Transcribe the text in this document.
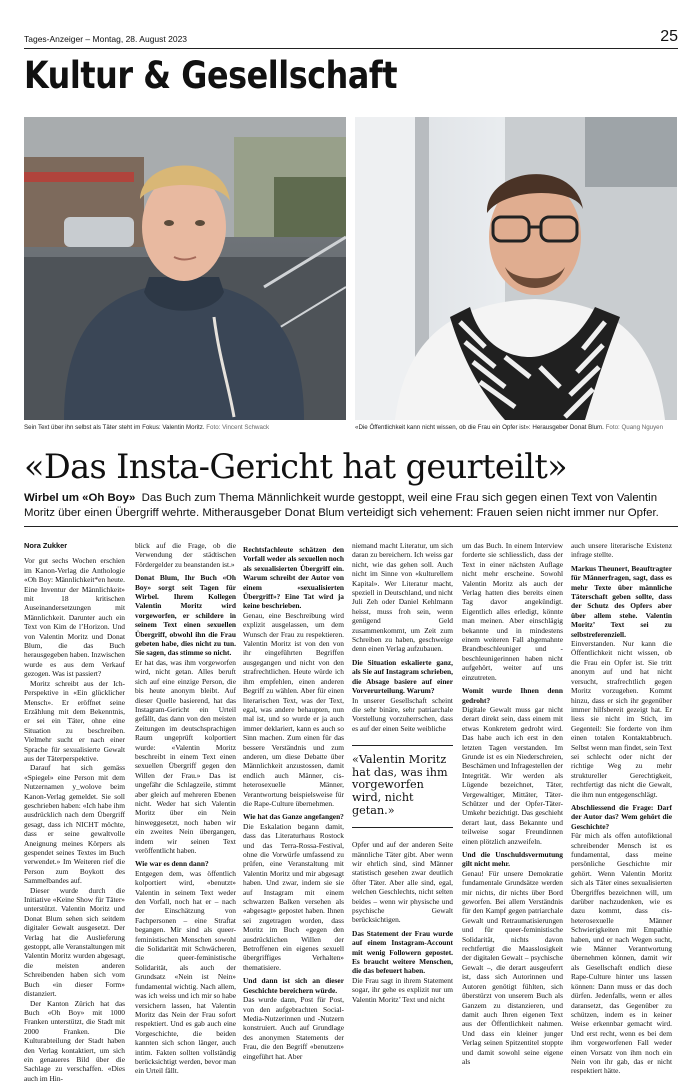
Tages-Anzeiger – Montag, 28. August 2023	25
Kultur & Gesellschaft
Sein Text über ihn selbst als Täter steht im Fokus: Valentin Moritz. Foto: Vincent Schwack	«Die Öffentlichkeit kann nicht wissen, ob die Frau ein Opfer ist»: Herausgeber Donat Blum. Foto: Quang Nguyen
«Das Insta-Gericht hat geurteilt»
Wirbel um «Oh Boy» Das Buch zum Thema Männlichkeit wurde gestoppt, weil eine Frau sich gegen einen Text von Valentin Moritz über einen Übergriff wehrte. Mitherausgeber Donat Blum verteidigt sich vehement: Frauen seien nicht immer nur Opfer.
Nora Zukker

Vor gut sechs Wochen erschien im Kanon-Verlag die Anthologie «Oh Boy: Männlichkeit*en heute. Eine Inventur der Männlichkeit» mit 18 kritischen Auseinandersetzungen mit Männlichkeit. Darunter auch ein Text von Kim de l’Horizon. Und von Valentin Moritz und Donat Blum, die das Buch herausgegeben haben. Inzwischen wurde es aus dem Verkauf gezogen. Was ist passiert?

Moritz schreibt aus der Ich-Perspektive in «Ein glücklicher Mensch». Er eröffnet seine Erzählung mit dem Bekenntnis, er sei ein Täter, ohne eine Situation zu beschreiben. Vielmehr sucht er nach einer Sprache für sexualisierte Gewalt aus der Täterperspektive.

Darauf hat sich gemäss «Spiegel» eine Person mit dem Nutzernamen y_wolove beim Kanon-Verlag gemeldet. Sie soll geschrieben haben: «Ich habe ihm ausdrücklich nach dem Übergriff gesagt, dass ich NICHT möchte, dass er seine gewaltvolle Aneignung meines Körpers als gespendet seines Textes im Buch verwendet.» Im Weiteren rief die Person zum Boykott des Sammelbandes auf.

Dieser wurde durch die Initiative «Keine Show für Täter» unterstützt. Valentin Moritz und Donat Blum sehen sich seitdem digitaler Gewalt ausgesetzt. Der Verlag hat die Auslieferung gestoppt, alle Veranstaltungen mit Valentin Moritz wurden abgesagt, die meisten anderen Schreibenden haben sich vom Buch «in dieser Form» distanziert.

Der Kanton Zürich hat das Buch «Oh Boy» mit 1000 Franken unterstützt, die Stadt mit 2000 Franken. Die Kulturabteilung der Stadt haben den Verlag kontaktiert, um sich ein genaueres Bild über die Sachlage zu verschaffen. «Dies auch im Hin-

blick auf die Frage, ob die Verwendung der städtischen Fördergelder zu beanstanden ist.»

Donat Blum, Ihr Buch «Oh Boy» sorgt seit Tagen für Wirbel. Ihrem Kollegen Valentin Moritz wird vorgeworfen, er schildere in seinem Text einen sexuellen Übergriff, obwohl ihn die Frau gebeten habe, dies nicht zu tun. Sie sagen, das stimme so nicht.

Er hat das, was ihm vorgeworfen wird, nicht getan. Alles beruft sich auf eine einzige Person, die bis heute anonym bleibt. Auf dieser Quelle basierend, hat das Instagram-Gericht ein Urteil gefällt, das dann von den meisten Zeitungen im deutschsprachigen Raum ungeprüft kolportiert wurde: «Valentin Moritz beschreibt in einem Text einen sexuellen Übergriff gegen den Willen der Frau.» Das ist ungefähr die Schlagzeile, stimmt aber gleich auf mehreren Ebenen nicht. Weder hat sich Valentin Moritz über ein Nein hinweggesetzt, noch haben wir ein zweites Nein übergangen, indem wir seinen Text veröffentlicht haben.

Wie war es denn dann?

Entgegen dem, was öffentlich kolportiert wird, «benutzt» Valentin in seinem Text weder den Vorfall, noch hat er – nach der Einschätzung von Fachpersonen – eine Straftat begangen. Mir sind als queer-feministischen Menschen sowohl die Solidarität mit Schwächeren, die queer-feministische Solidarität, als auch der Grundsatz «Nein ist Nein» fundamental wichtig. Nach allem, was ich weiss und ich mir so habe versichern lassen, hat Valentin Moritz das Nein der Frau sofort respektiert. Und es gab auch eine Vorgeschichte, die beiden kannten sich schon länger, auch intim. Fakten sollten vollständig berücksichtigt werden, bevor man ein Urteil fällt.

Rechtsfachleute schätzen den Vorfall weder als sexuellen noch als sexualisierten Übergriff ein. Warum schreibt der Autor von einem «sexualisierten Übergriff»? Eine Tat wird ja keine beschrieben.

Genau, eine Beschreibung wird explizit ausgelassen, um dem Wunsch der Frau zu respektieren. Valentin Moritz ist von den von ihr eingeführten Begriffen ausgegangen und nicht von den strafrechtlichen. Heute würde ich ihm empfehlen, einen anderen Begriff zu wählen. Aber für einen literarischen Text, was der Text, egal, was andere behaupten, nun mal ist, und so wurde er ja auch immer deklariert, kann es auch so Sinn machen. Zum einen für das bessere Verständnis und zum anderen, um diese Debatte über Männlichkeit anzustossen, damit endlich auch Männer, cis-heterosexuelle Männer, Verantwortung beispielsweise für die Rape-Culture übernehmen.

Wie hat das Ganze angefangen?

Die Eskalation begann damit, dass das Literaturhaus Rostock und das Terra-Rossa-Festival, ohne die Vorwürfe umfassend zu prüfen, eine Veranstaltung mit Valentin Moritz und mir abgesagt haben. Und zwar, indem sie sie auf Instagram mit einem schwarzen Balken versehen als «abgesagt» gepostet haben. Ihnen sei zugetragen worden, dass Moritz im Buch «gegen den ausdrücklichen Willen der Betroffenen ein eigenes sexuell übergriffiges Verhalten» thematisiere.

Und dann ist sich an dieser Geschichte bereichern würde.

Das wurde dann, Post für Post, von den aufgebrachten Social-Media-Nutzerinnen und -Nutzern konstruiert. Auch auf Grundlage des anonymen Statements der Frau, die den Begriff «benutzen» eingeführt hat. Aber

niemand macht Literatur, um sich daran zu bereichern. Ich weiss gar nicht, wie das gehen soll. Auch nicht im Sinne von «kulturellem Kapital». Wer Literatur macht, speziell in Deutschland, und nicht Juli Zeh oder Daniel Kehlmann heisst, muss froh sein, wenn genügend Geld zusammenkommt, um Zeit zum Schreiben zu haben, geschweige denn einen Verlag aufzubauen.

Die Situation eskalierte ganz, als Sie auf Instagram schrieben, die Absage basiere auf einer Vorverurteilung. Warum?

In unserer Gesellschaft scheint die sehr binäre, sehr patriarchale Vorstellung vorzuherrschen, dass es auf der einen Seite weibliche

«Valentin Moritz hat das, was ihm vorgeworfen wird, nicht getan.»

Opfer und auf der anderen Seite männliche Täter gibt. Aber wenn wir ehrlich sind, sind Männer statistisch gesehen zwar deutlich öfter Täter. Aber alle sind, egal, welchen Geschlechts, nicht selten beides – wenn wir physische und psychische Gewalt berücksichtigen.

Das Statement der Frau wurde auf einem Instagram-Account mit wenig Followern gepostet. Es braucht weitere Menschen, die das befeuert haben.

Die Frau sagt in ihrem Statement sogar, ihr gehe es explizit nur um Valentin Moritz’ Text und nicht

um das Buch. In einem Interview forderte sie schliesslich, dass der Text in einer nächsten Auflage nicht mehr erscheine. Sowohl Valentin Moritz als auch der Verlag hatten dies bereits einen Tag davor angekündigt. Eigentlich alles erledigt, könnte man meinen. Aber einschlägig bekannte und in mindestens einem weiteren Fall abgemahnte Brandbeschleuniger und -beschleunigerinnen haben nicht aufgehört, weiter auf uns einzutreten.

Womit wurde Ihnen denn gedroht?

Digitale Gewalt muss gar nicht derart direkt sein, dass einem mit etwas Konkretem gedroht wird. Das habe auch ich erst in den letzten Tagen verstanden. Im Grunde ist es ein Niederschreien, Beschämen und Infragestellen der Integrität. Wir werden als Lügende bezeichnet, Täter, Vergewaltiger, Mittäter, Täter-Schützer und der Opfer-Täter-Umkehr bezichtigt. Das geschieht derart laut, dass Bekannte und teilweise sogar Freundinnen einen plötzlich anzweifeln.

Und die Unschuldsvermutung gilt nicht mehr.

Genau! Für unsere Demokratie fundamentale Grundsätze werden mir nichts, dir nichts über Bord geworfen. Bei allem Verständnis für den Kampf gegen patriarchale Gewalt und Retraumatisierungen und für queer-feministische Solidarität, nichts davon rechtfertigt die Maasslosigkeit der digitalen Gewalt – psychische Gewalt –, die derart ausgeuferrt ist, dass sich Autorinnen und Autoren genötigt fühlten, sich überstürzt von unserem Buch als Ganzem zu distanzieren, und damit auch Ihren eigenen Text aus der Öffentlichkeit nahmen. Und dass ein kleiner junger Verlag seinen Spitzentitel stoppte und damit sowohl seine eigene als

auch unsere literarische Existenz infrage stellte.

Markus Theunert, Beauftragter für Männerfragen, sagt, dass es mehr Texte über männliche Täterschaft geben sollte, dass der Schutz des Opfers aber über allem stehe. Valentin Moritz’ Text sei zu selbstreferenziell.

Einverstanden. Nur kann die Öffentlichkeit nicht wissen, ob die Frau ein Opfer ist. Sie tritt anonym auf und hat nicht versucht, strafrechtlich gegen Moritz vorzugehen. Kommt hinzu, dass er sich ihr gegenüber immer hilfsbereit gezeigt hat. Er liess sie nicht im Stich, im Gegenteil: Sie forderte von ihm einen totalen Kontaktabbruch. Selbst wenn man findet, sein Text sei schlecht oder nicht der richtige Weg zu mehr struktureller Gerechtigkeit, rechtfertigt das nicht die Gewalt, die ihm nun entgegenschlägt.

Abschliessend die Frage: Darf der Autor das? Wem gehört die Geschichte?

Für mich als offen autofiktional schreibender Mensch ist es fundamental, dass meine persönliche Geschichte mir gehört. Wenn Valentin Moritz sich als Täter eines sexualisierten Übergriffes bezeichnen will, um darüber nachzudenken, wie es dazu kommt, dass cis-heterosexuelle Männer Schwierigkeiten mit Empathie haben, und er nach Wegen sucht, wie Männer Verantwortung übernehmen können, damit wir als Gesellschaft endlich diese Rape-Culture hinter uns lassen können: Dann muss er das doch dürfen. Jedenfalls, wenn er alles daransetzt, das Gegenüber zu schützen, indem es in keiner Weise erkennbar gemacht wird. Und erst recht, wenn es bei dem ihm vorgeworfenen Fall weder einen Vorsatz von ihm noch ein Nein von ihr gab, das er nicht respektiert hätte.
